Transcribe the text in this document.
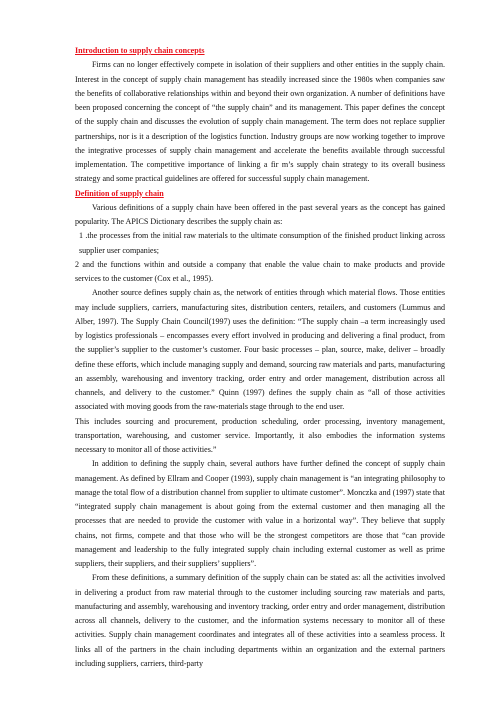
Introduction to supply chain concepts

Firms can no longer effectively compete in isolation of their suppliers and other entities in the supply chain. Interest in the concept of supply chain management has steadily increased since the 1980s when companies saw the benefits of collaborative relationships within and beyond their own organization. A number of definitions have been proposed concerning the concept of “the supply chain” and its management. This paper defines the concept of the supply chain and discusses the evolution of supply chain management. The term does not replace supplier partnerships, nor is it a description of the logistics function. Industry groups are now working together to improve the integrative processes of supply chain management and accelerate the benefits available through successful implementation. The competitive importance of linking a fir m’s supply chain strategy to its overall business strategy and some practical guidelines are offered for successful supply chain management.

Definition of supply chain

Various definitions of a supply chain have been offered in the past several years as the concept has gained popularity. The APICS Dictionary describes the supply chain as:

1 .the processes from the initial raw materials to the ultimate consumption of the finished product linking across supplier user companies;

2 and the functions within and outside a company that enable the value chain to make products and provide services to the customer (Cox et al., 1995).

Another source defines supply chain as, the network of entities through which material flows. Those entities may include suppliers, carriers, manufacturing sites, distribution centers, retailers, and customers (Lummus and Alber, 1997). The Supply Chain Council(1997) uses the definition: “The supply chain –a term increasingly used by logistics professionals – encompasses every effort involved in producing and delivering a final product, from the supplier’s supplier to the customer’s customer. Four basic processes – plan, source, make, deliver – broadly define these efforts, which include managing supply and demand, sourcing raw materials and parts, manufacturing an assembly, warehousing and inventory tracking, order entry and order management, distribution across all channels, and delivery to the customer.” Quinn (1997) defines the supply chain as “all of those activities associated with moving goods from the raw-materials stage through to the end user.

This includes sourcing and procurement, production scheduling, order processing, inventory management, transportation, warehousing, and customer service. Importantly, it also embodies the information systems necessary to monitor all of those activities.”

In addition to defining the supply chain, several authors have further defined the concept of supply chain management. As defined by Ellram and Cooper (1993), supply chain management is “an integrating philosophy to manage the total flow of a distribution channel from supplier to ultimate customer”. Monczka and (1997) state that “integrated supply chain management is about going from the external customer and then managing all the processes that are needed to provide the customer with value in a horizontal way”. They believe that supply chains, not firms, compete and that those who will be the strongest competitors are those that “can provide management and leadership to the fully integrated supply chain including external customer as well as prime suppliers, their suppliers, and their suppliers’ suppliers”.

From these definitions, a summary definition of the supply chain can be stated as: all the activities involved in delivering a product from raw material through to the customer including sourcing raw materials and parts, manufacturing and assembly, warehousing and inventory tracking, order entry and order management, distribution across all channels, delivery to the customer, and the information systems necessary to monitor all of these activities. Supply chain management coordinates and integrates all of these activities into a seamless process. It links all of the partners in the chain including departments within an organization and the external partners including suppliers, carriers, third-party
